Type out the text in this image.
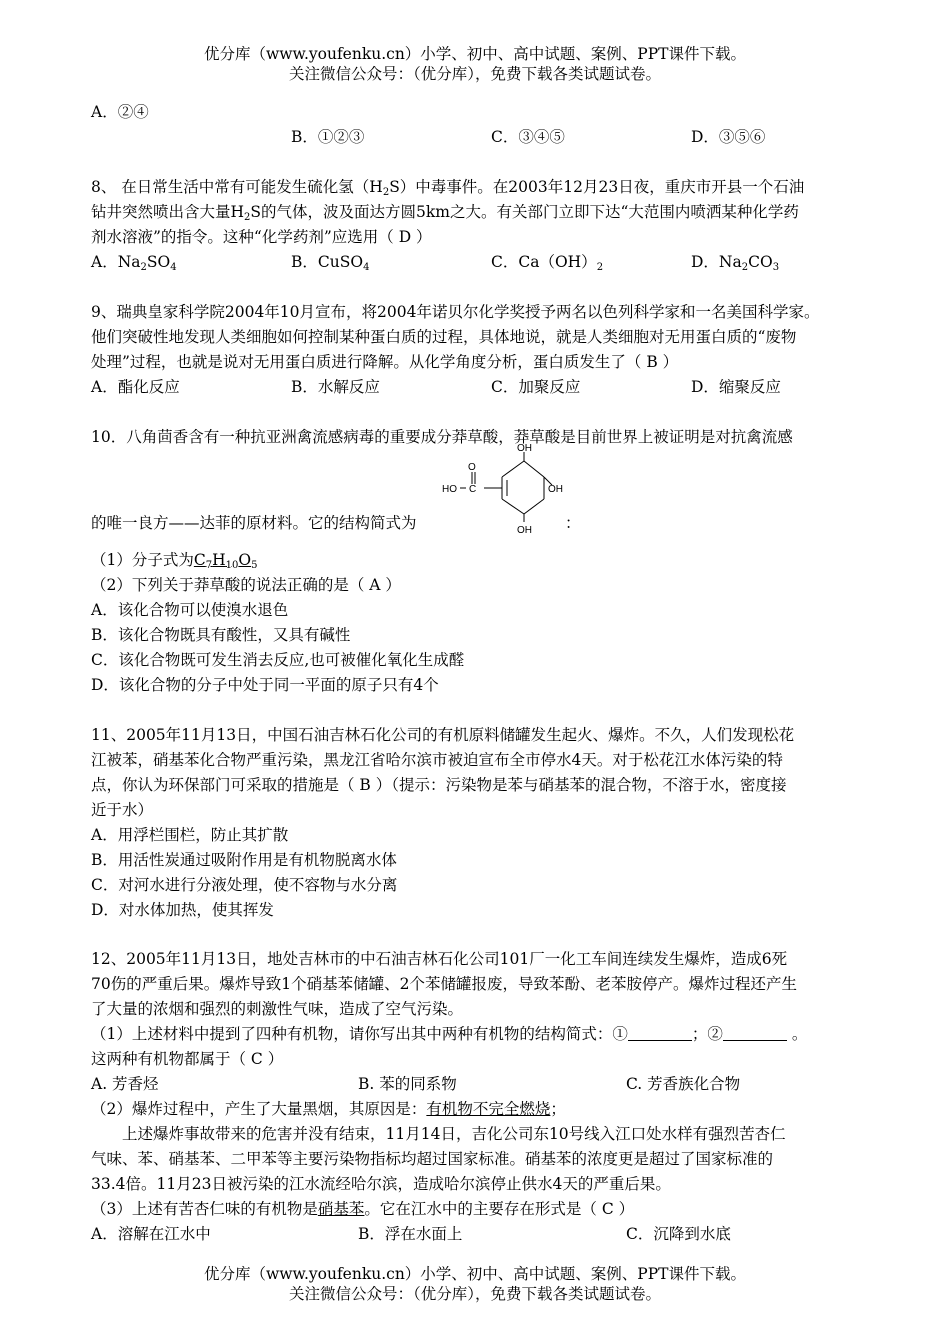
优分库（www.youfenku.cn）小学、初中、高中试题、案例、PPT课件下载。
关注微信公众号：（优分库），免费下载各类试题试卷。
A．②④
B．①②③	C．③④⑤	D．③⑤⑥
8、 在日常生活中常有可能发生硫化氢$(H_2S)$中毒事件。在2003年12月23日夜，重庆市开县一个石油
钻井突然喷出含大量$H_2S$的气体，波及面达方圆5km之大。有关部门立即下达“大范围内喷洒某种化学药
剂水溶液”的指令。这种“化学药剂”应选用（ D ）
A．$Na_2SO_4$	B．CuSO$_4$	C．$Ca(OH)_2$	D．$Na_2CO_3$
9、瑞典皇家科学院2004年10月宣布，将2004年诺贝尔化学奖授予两名以色列科学家和一名美国科学家。
他们突破性地发现人类细胞如何控制某种蛋白质的过程，具体地说，就是人类细胞对无用蛋白质的“废物
处理”过程，也就是说对无用蛋白质进行降解。从化学角度分析，蛋白质发生了（ B ）
A．酯化反应	B．水解反应	C．加聚反应	D．缩聚反应
10．八角茴香含有一种抗亚洲禽流感病毒的重要成分莽草酸，莽草酸是目前世界上被证明是对抗禽流感
OH
O
HO C	OH
OH
的唯一良方——达菲的原材料。它的结构简式为	：
（1）分子式为$C_7H_{10}O_5$
（2）下列关于莽草酸的说法正确的是（ A ）
A．该化合物可以使溴水退色
B．该化合物既具有酸性，又具有碱性
C．该化合物既可发生消去反应,也可被催化氧化生成醛
D．该化合物的分子中处于同一平面的原子只有4个
11、2005年11月13日，中国石油吉林石化公司的有机原料储罐发生起火、爆炸。不久，人们发现松花
江被苯，硝基苯化合物严重污染，黑龙江省哈尔滨市被迫宣布全市停水4天。对于松花江水体污染的特
点，你认为环保部门可采取的措施是（ B ）（提示：污染物是苯与硝基苯的混合物，不溶于水，密度接
近于水）
A．用浮栏围栏，防止其扩散
B．用活性炭通过吸附作用是有机物脱离水体
C．对河水进行分液处理，使不容物与水分离
D．对水体加热，使其挥发
12、2005年11月13日，地处吉林市的中石油吉林石化公司101厂一化工车间连续发生爆炸，造成6死
70伤的严重后果。爆炸导致1个硝基苯储罐、2个苯储罐报废，导致苯酚、老苯胺停产。爆炸过程还产生
了大量的浓烟和强烈的刺激性气味，造成了空气污染。
（1）上述材料中提到了四种有机物，请你写出其中两种有机物的结构简式：①	；②	。
这两种有机物都属于（ C ）
A. 芳香烃	B. 苯的同系物	C. 芳香族化合物
（2）爆炸过程中，产生了大量黑烟，其原因是：有机物不完全燃烧；
上述爆炸事故带来的危害并没有结束，11月14日，吉化公司东10号线入江口处水样有强烈苦杏仁
气味、苯、硝基苯、二甲苯等主要污染物指标均超过国家标准。硝基苯的浓度更是超过了国家标准的
33.4倍。11月23日被污染的江水流经哈尔滨，造成哈尔滨停止供水4天的严重后果。
（3）上述有苦杏仁味的有机物是硝基苯。它在江水中的主要存在形式是（ C ）
A．溶解在江水中	B．浮在水面上	C．沉降到水底
优分库（www.youfenku.cn）小学、初中、高中试题、案例、PPT课件下载。
关注微信公众号：（优分库），免费下载各类试题试卷。
